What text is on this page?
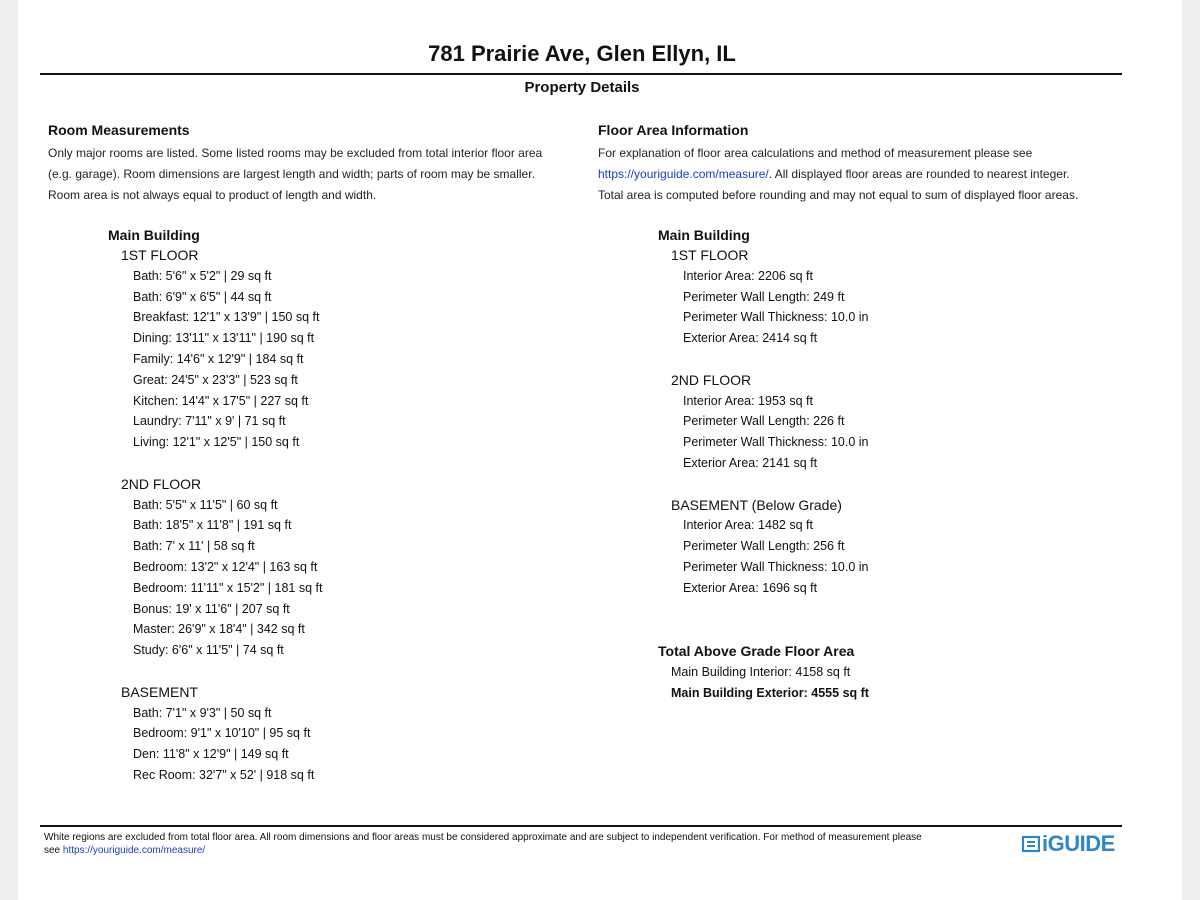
781 Prairie Ave, Glen Ellyn, IL
Property Details
Room Measurements
Only major rooms are listed. Some listed rooms may be excluded from total interior floor area
(e.g. garage). Room dimensions are largest length and width; parts of room may be smaller.
Room area is not always equal to product of length and width.
Main Building
1ST FLOOR
Bath: 5'6" x 5'2" | 29 sq ft
Bath: 6'9" x 6'5" | 44 sq ft
Breakfast: 12'1" x 13'9" | 150 sq ft
Dining: 13'11" x 13'11" | 190 sq ft
Family: 14'6" x 12'9" | 184 sq ft
Great: 24'5" x 23'3" | 523 sq ft
Kitchen: 14'4" x 17'5" | 227 sq ft
Laundry: 7'11" x 9' | 71 sq ft
Living: 12'1" x 12'5" | 150 sq ft
2ND FLOOR
Bath: 5'5" x 11'5" | 60 sq ft
Bath: 18'5" x 11'8" | 191 sq ft
Bath: 7' x 11' | 58 sq ft
Bedroom: 13'2" x 12'4" | 163 sq ft
Bedroom: 11'11" x 15'2" | 181 sq ft
Bonus: 19' x 11'6" | 207 sq ft
Master: 26'9" x 18'4" | 342 sq ft
Study: 6'6" x 11'5" | 74 sq ft
BASEMENT
Bath: 7'1" x 9'3" | 50 sq ft
Bedroom: 9'1" x 10'10" | 95 sq ft
Den: 11'8" x 12'9" | 149 sq ft
Rec Room: 32'7" x 52' | 918 sq ft
Floor Area Information
For explanation of floor area calculations and method of measurement please see
https://youriguide.com/measure/. All displayed floor areas are rounded to nearest integer.
Total area is computed before rounding and may not equal to sum of displayed floor areas.
Main Building
1ST FLOOR
Interior Area: 2206 sq ft
Perimeter Wall Length: 249 ft
Perimeter Wall Thickness: 10.0 in
Exterior Area: 2414 sq ft
2ND FLOOR
Interior Area: 1953 sq ft
Perimeter Wall Length: 226 ft
Perimeter Wall Thickness: 10.0 in
Exterior Area: 2141 sq ft
BASEMENT (Below Grade)
Interior Area: 1482 sq ft
Perimeter Wall Length: 256 ft
Perimeter Wall Thickness: 10.0 in
Exterior Area: 1696 sq ft
Total Above Grade Floor Area
Main Building Interior: 4158 sq ft
Main Building Exterior: 4555 sq ft
White regions are excluded from total floor area. All room dimensions and floor areas must be considered approximate and are subject to independent verification. For method of measurement please
see https://youriguide.com/measure/	iGUIDE
